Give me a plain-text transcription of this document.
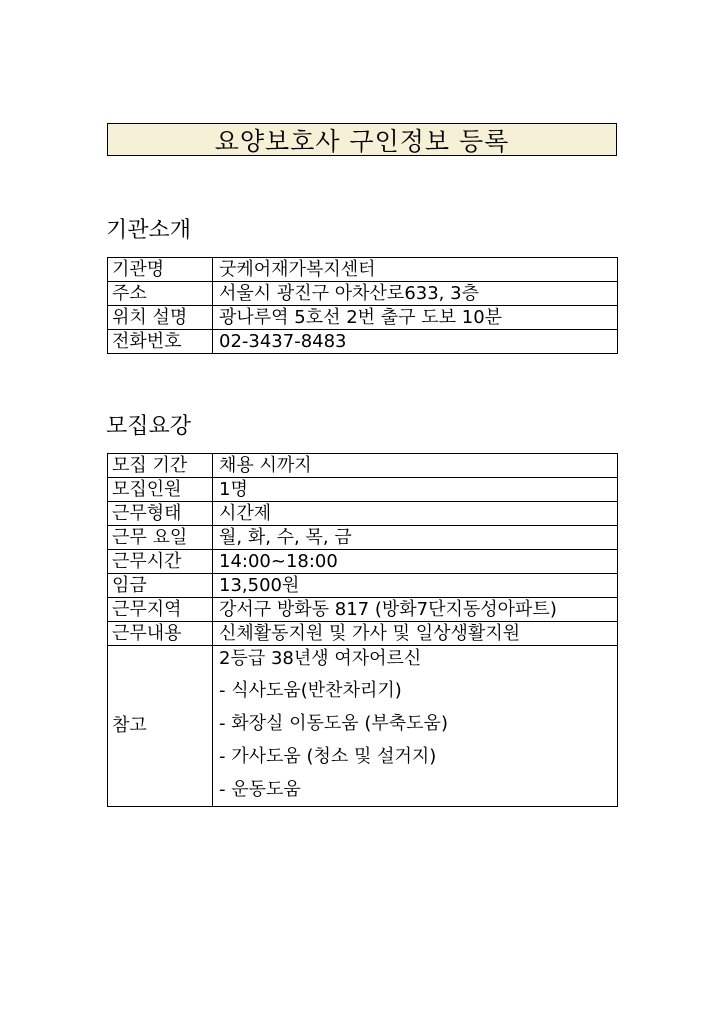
요양보호사 구인정보 등록
기관소개
기관명	굿케어재가복지센터
주소	서울시 광진구 아차산로633, 3층
위치 설명	광나루역 5호선 2번 출구 도보 10분
전화번호	02-3437-8483
모집요강
모집 기간	채용 시까지
모집인원	1명
근무형태	시간제
근무 요일	월, 화, 수, 목, 금
근무시간	14:00~18:00
임금	13,500원
근무지역	강서구 방화동 817 (방화7단지동성아파트)
근무내용	신체활동지원 및 가사 및 일상생활지원
참고	2등급 38년생 여자어르신
- 식사도움(반찬차리기)
- 화장실 이동도움 (부축도움)
- 가사도움 (청소 및 설거지)
- 운동도움
